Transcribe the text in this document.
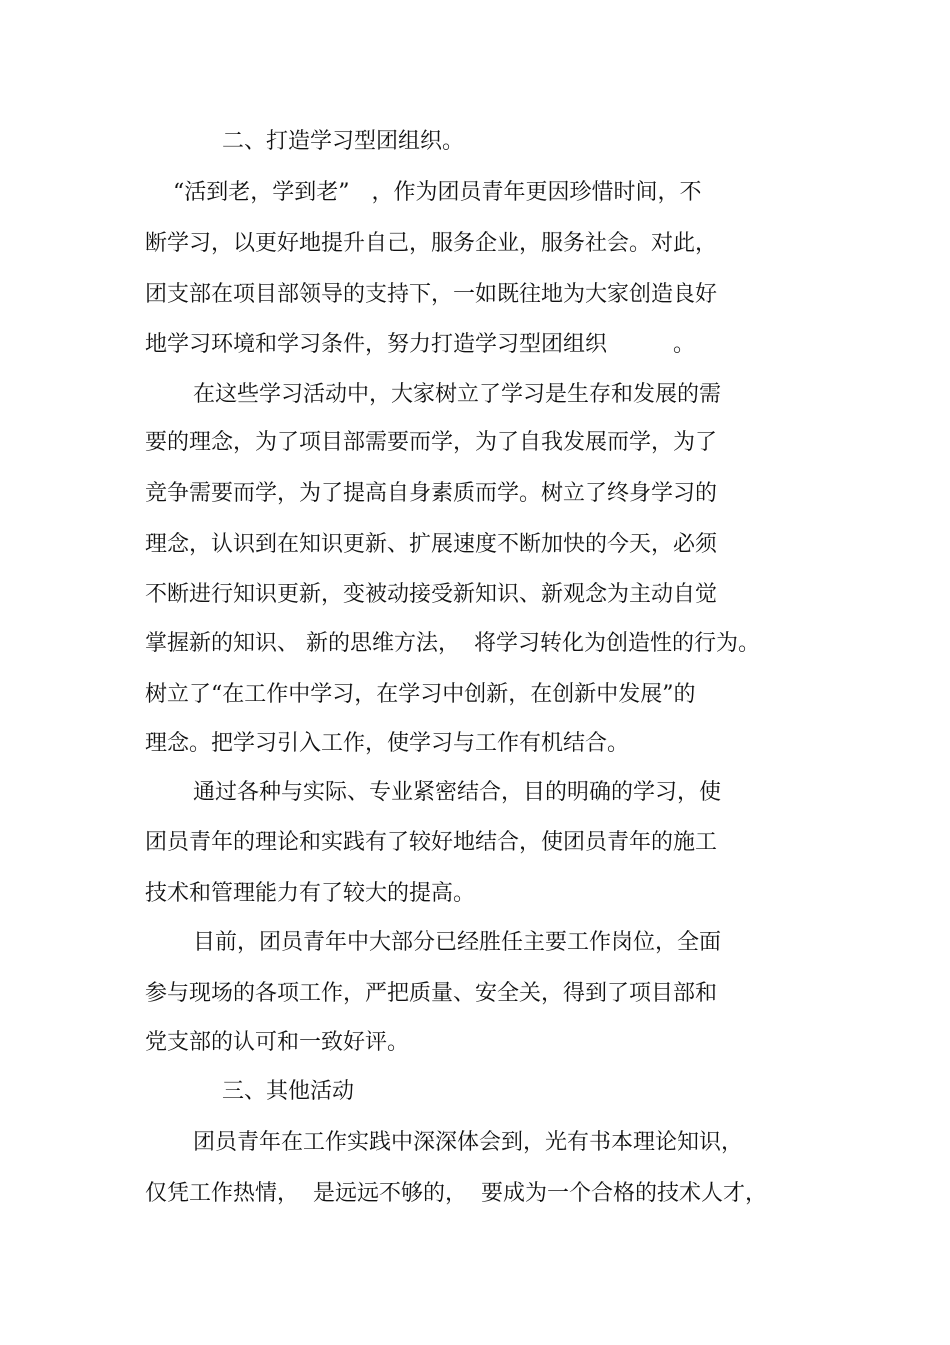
二、打造学习型团组织。

“活到老，学到老”　，作为团员青年更因珍惜时间，不

断学习，以更好地提升自己，服务企业，服务社会。对此，

团支部在项目部领导的支持下，一如既往地为大家创造良好

地学习环境和学习条件，努力打造学习型团组织　　　。

在这些学习活动中，大家树立了学习是生存和发展的需

要的理念，为了项目部需要而学，为了自我发展而学，为了

竞争需要而学，为了提高自身素质而学。树立了终身学习的

理念，认识到在知识更新、扩展速度不断加快的今天，必须

不断进行知识更新，变被动接受新知识、新观念为主动自觉

掌握新的知识、 新的思维方法，  将学习转化为创造性的行为。

树立了“在工作中学习，在学习中创新，在创新中发展”的

理念。把学习引入工作，使学习与工作有机结合。

通过各种与实际、专业紧密结合，目的明确的学习，使

团员青年的理论和实践有了较好地结合，使团员青年的施工

技术和管理能力有了较大的提高。

目前，团员青年中大部分已经胜任主要工作岗位，全面

参与现场的各项工作，严把质量、安全关，得到了项目部和

党支部的认可和一致好评。

三、其他活动

团员青年在工作实践中深深体会到，光有书本理论知识，

仅凭工作热情，  是远远不够的，  要成为一个合格的技术人才，
